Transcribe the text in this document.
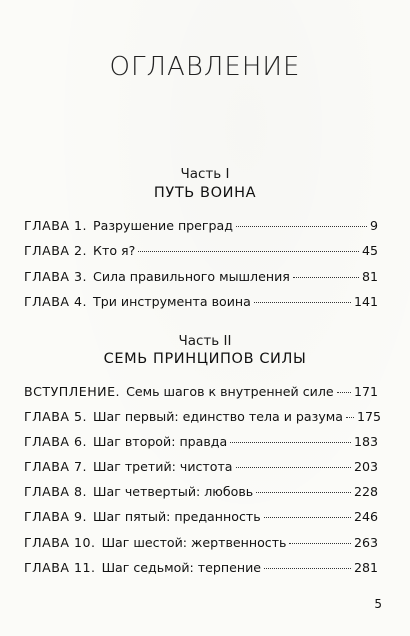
ОГЛАВЛЕНИЕ
Часть I
ПУТЬ ВОИНА
ГЛАВА 1. Разрушение преград	9
ГЛАВА 2. Кто я?	45
ГЛАВА 3. Сила правильного мышления	81
ГЛАВА 4. Три инструмента воина	141
Часть II
СЕМЬ ПРИНЦИПОВ СИЛЫ
ВСТУПЛЕНИЕ. Семь шагов к внутренней силе 171
ГЛАВА 5. Шаг первый: единство тела и разума 175
ГЛАВА 6. Шаг второй: правда	183
ГЛАВА 7. Шаг третий: чистота	203
ГЛАВА 8. Шаг четвертый: любовь	228
ГЛАВА 9. Шаг пятый: преданность	246
ГЛАВА 10. Шаг шестой: жертвенность	263
ГЛАВА 11. Шаг седьмой: терпение	281
5
